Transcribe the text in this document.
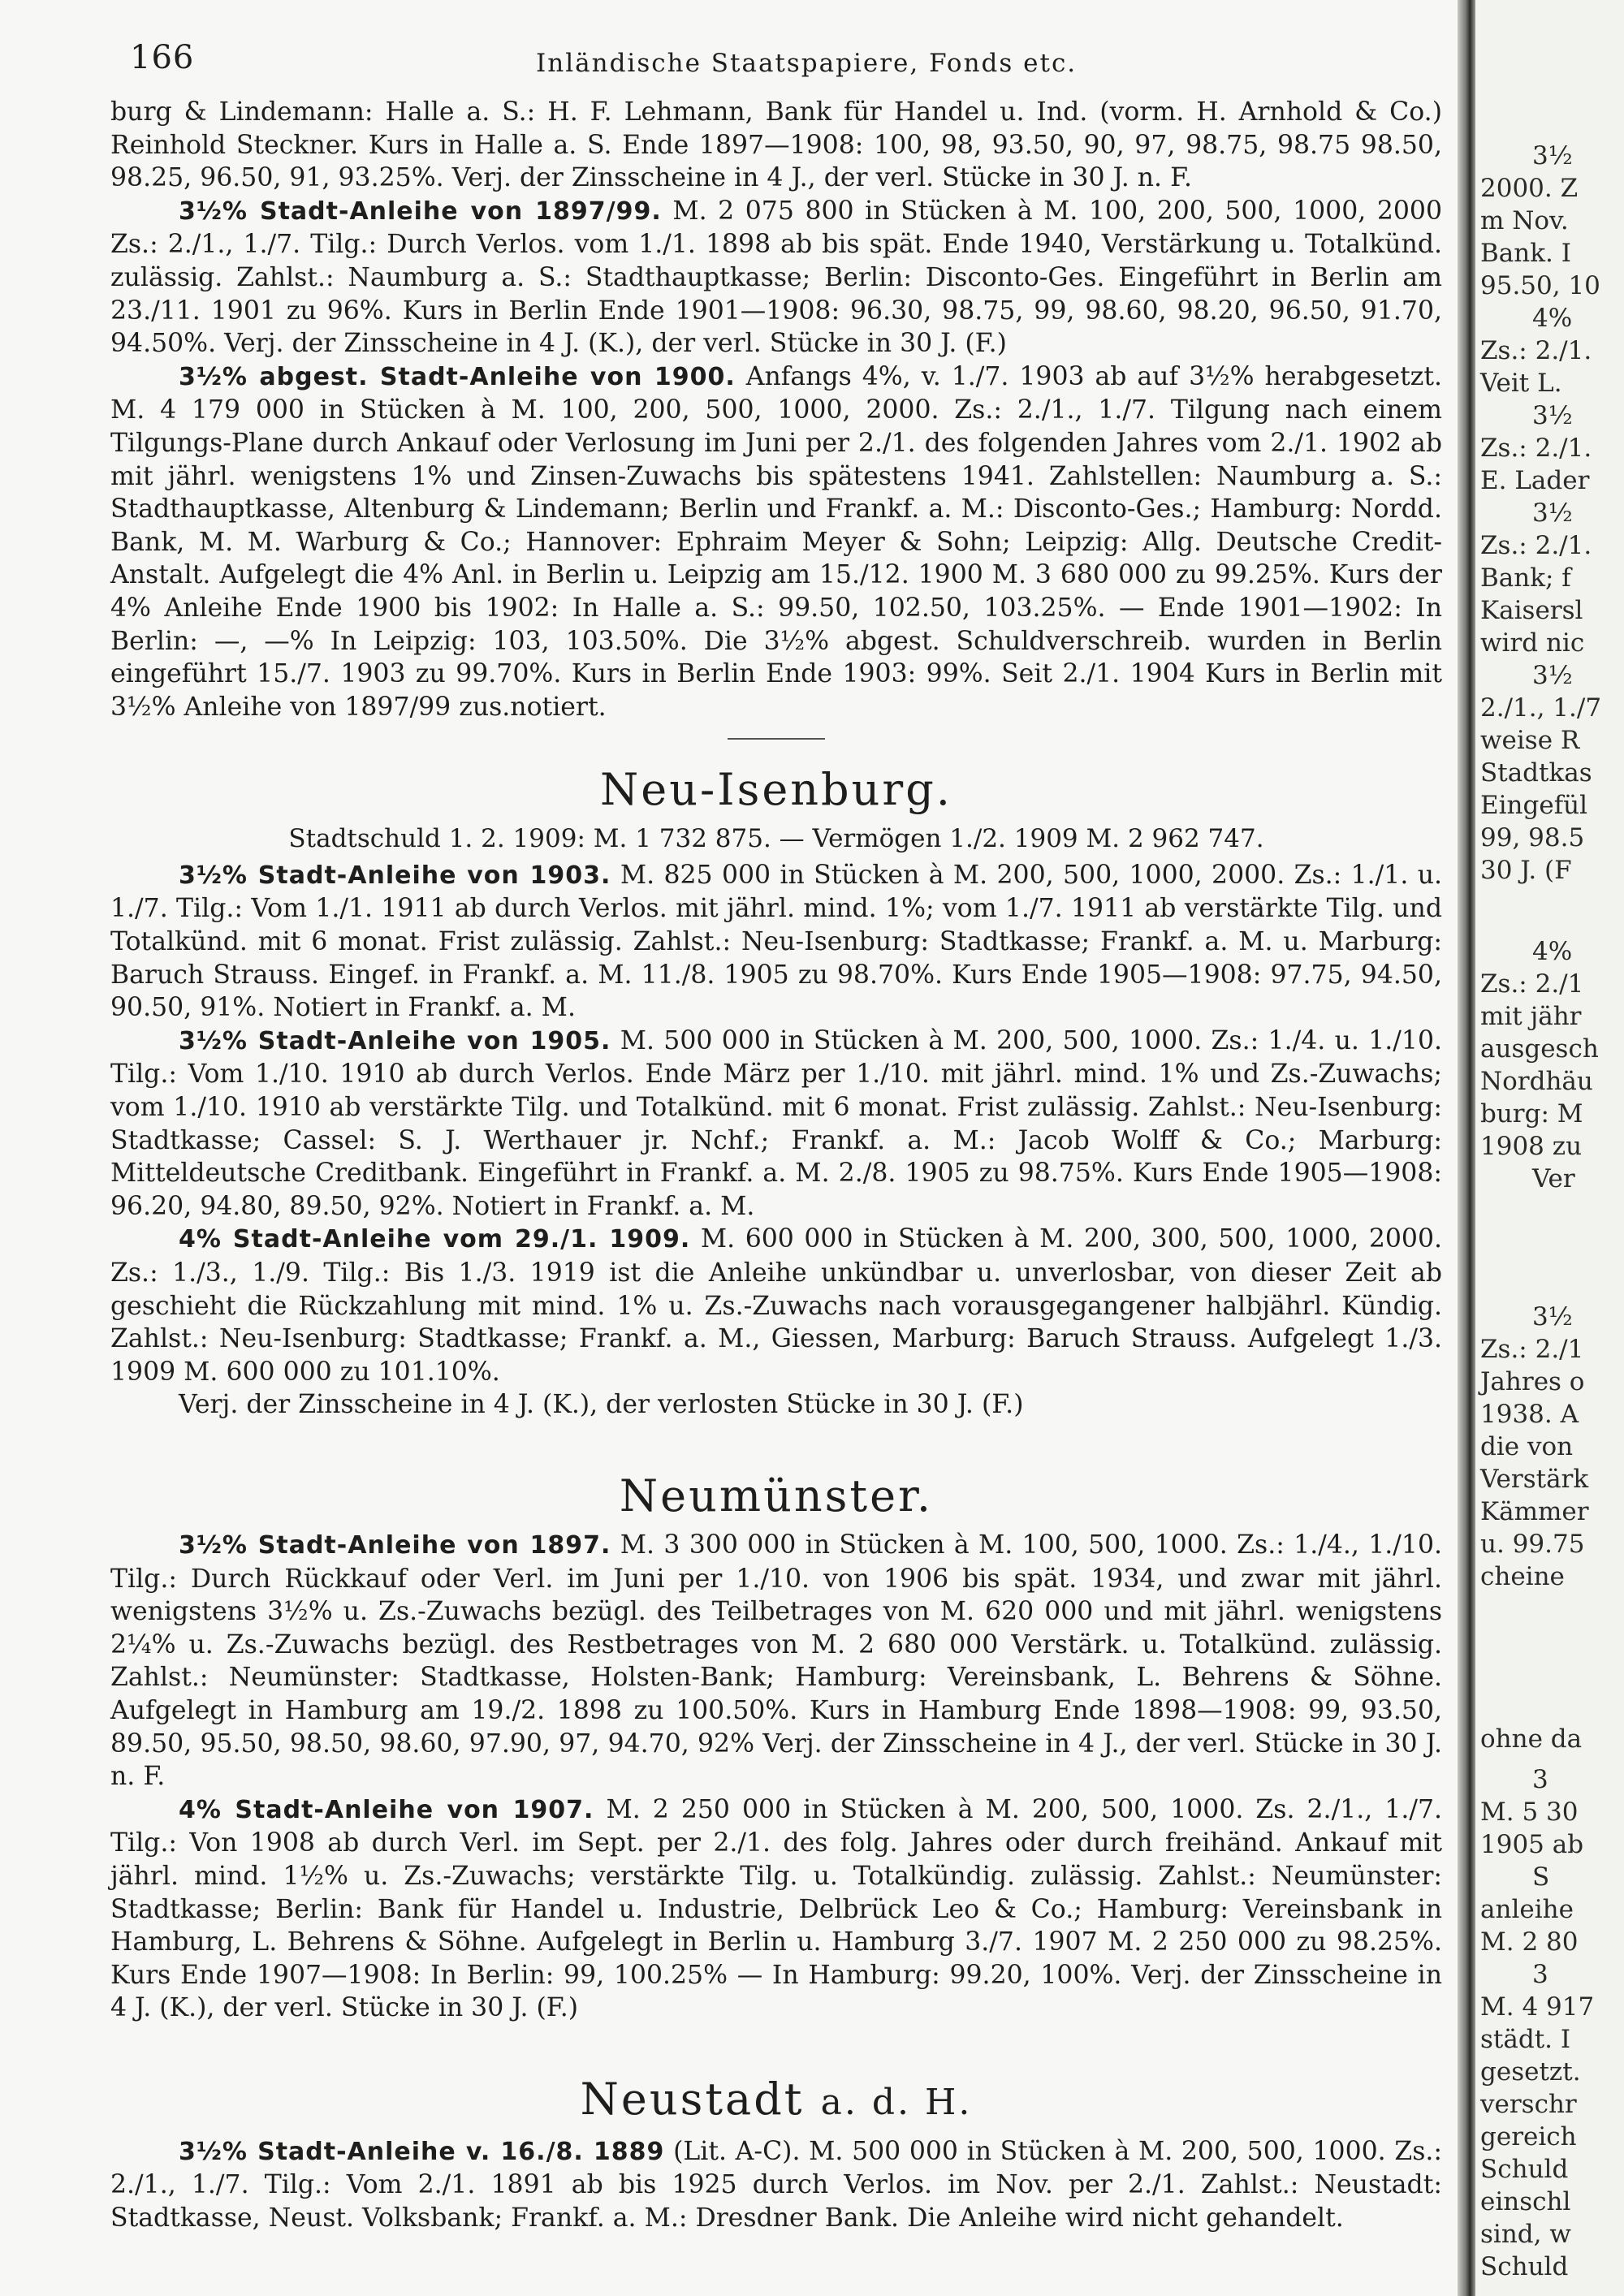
166	Inländische Staatspapiere, Fonds etc.

burg & Lindemann: Halle a. S.: H. F. Lehmann, Bank für Handel u. Ind. (vorm. H. Arnhold & Co.) Reinhold Steckner. Kurs in Halle a. S. Ende 1897—1908: 100, 98, 93.50, 90, 97, 98.75, 98.75 98.50, 98.25, 96.50, 91, 93.25%. Verj. der Zinsscheine in 4 J., der verl. Stücke in 30 J. n. F.

3½% Stadt-Anleihe von 1897/99. M. 2 075 800 in Stücken à M. 100, 200, 500, 1000, 2000 Zs.: 2./1., 1./7. Tilg.: Durch Verlos. vom 1./1. 1898 ab bis spät. Ende 1940, Verstärkung u. Totalkünd. zulässig. Zahlst.: Naumburg a. S.: Stadthauptkasse; Berlin: Disconto-Ges. Eingeführt in Berlin am 23./11. 1901 zu 96%. Kurs in Berlin Ende 1901—1908: 96.30, 98.75, 99, 98.60, 98.20, 96.50, 91.70, 94.50%. Verj. der Zinsscheine in 4 J. (K.), der verl. Stücke in 30 J. (F.)

3½% abgest. Stadt-Anleihe von 1900. Anfangs 4%, v. 1./7. 1903 ab auf 3½% herabgesetzt. M. 4 179 000 in Stücken à M. 100, 200, 500, 1000, 2000. Zs.: 2./1., 1./7. Tilgung nach einem Tilgungs-Plane durch Ankauf oder Verlosung im Juni per 2./1. des folgenden Jahres vom 2./1. 1902 ab mit jährl. wenigstens 1% und Zinsen-Zuwachs bis spätestens 1941. Zahlstellen: Naumburg a. S.: Stadthauptkasse, Altenburg & Lindemann; Berlin und Frankf. a. M.: Disconto-Ges.; Hamburg: Nordd. Bank, M. M. Warburg & Co.; Hannover: Ephraim Meyer & Sohn; Leipzig: Allg. Deutsche Credit-Anstalt. Aufgelegt die 4% Anl. in Berlin u. Leipzig am 15./12. 1900 M. 3 680 000 zu 99.25%. Kurs der 4% Anleihe Ende 1900 bis 1902: In Halle a. S.: 99.50, 102.50, 103.25%. — Ende 1901—1902: In Berlin: —, —% In Leipzig: 103, 103.50%. Die 3½% abgest. Schuldverschreib. wurden in Berlin eingeführt 15./7. 1903 zu 99.70%. Kurs in Berlin Ende 1903: 99%. Seit 2./1. 1904 Kurs in Berlin mit 3½% Anleihe von 1897/99 zus.notiert.

Neu-Isenburg.
Stadtschuld 1. 2. 1909: M. 1 732 875. — Vermögen 1./2. 1909 M. 2 962 747.

3½% Stadt-Anleihe von 1903. M. 825 000 in Stücken à M. 200, 500, 1000, 2000. Zs.: 1./1. u. 1./7. Tilg.: Vom 1./1. 1911 ab durch Verlos. mit jährl. mind. 1%; vom 1./7. 1911 ab verstärkte Tilg. und Totalkünd. mit 6 monat. Frist zulässig. Zahlst.: Neu-Isenburg: Stadtkasse; Frankf. a. M. u. Marburg: Baruch Strauss. Eingef. in Frankf. a. M. 11./8. 1905 zu 98.70%. Kurs Ende 1905—1908: 97.75, 94.50, 90.50, 91%. Notiert in Frankf. a. M.

3½% Stadt-Anleihe von 1905. M. 500 000 in Stücken à M. 200, 500, 1000. Zs.: 1./4. u. 1./10. Tilg.: Vom 1./10. 1910 ab durch Verlos. Ende März per 1./10. mit jährl. mind. 1% und Zs.-Zuwachs; vom 1./10. 1910 ab verstärkte Tilg. und Totalkünd. mit 6 monat. Frist zulässig. Zahlst.: Neu-Isenburg: Stadtkasse; Cassel: S. J. Werthauer jr. Nchf.; Frankf. a. M.: Jacob Wolff & Co.; Marburg: Mitteldeutsche Creditbank. Eingeführt in Frankf. a. M. 2./8. 1905 zu 98.75%. Kurs Ende 1905—1908: 96.20, 94.80, 89.50, 92%. Notiert in Frankf. a. M.

4% Stadt-Anleihe vom 29./1. 1909. M. 600 000 in Stücken à M. 200, 300, 500, 1000, 2000. Zs.: 1./3., 1./9. Tilg.: Bis 1./3. 1919 ist die Anleihe unkündbar u. unverlosbar, von dieser Zeit ab geschieht die Rückzahlung mit mind. 1% u. Zs.-Zuwachs nach vorausgegangener halbjährl. Kündig. Zahlst.: Neu-Isenburg: Stadtkasse; Frankf. a. M., Giessen, Marburg: Baruch Strauss. Aufgelegt 1./3. 1909 M. 600 000 zu 101.10%.

Verj. der Zinsscheine in 4 J. (K.), der verlosten Stücke in 30 J. (F.)

Neumünster.

3½% Stadt-Anleihe von 1897. M. 3 300 000 in Stücken à M. 100, 500, 1000. Zs.: 1./4., 1./10. Tilg.: Durch Rückkauf oder Verl. im Juni per 1./10. von 1906 bis spät. 1934, und zwar mit jährl. wenigstens 3½% u. Zs.-Zuwachs bezügl. des Teilbetrages von M. 620 000 und mit jährl. wenigstens 2¼% u. Zs.-Zuwachs bezügl. des Restbetrages von M. 2 680 000 Verstärk. u. Totalkünd. zulässig. Zahlst.: Neumünster: Stadtkasse, Holsten-Bank; Hamburg: Vereinsbank, L. Behrens & Söhne. Aufgelegt in Hamburg am 19./2. 1898 zu 100.50%. Kurs in Hamburg Ende 1898—1908: 99, 93.50, 89.50, 95.50, 98.50, 98.60, 97.90, 97, 94.70, 92% Verj. der Zinsscheine in 4 J., der verl. Stücke in 30 J. n. F.

4% Stadt-Anleihe von 1907. M. 2 250 000 in Stücken à M. 200, 500, 1000. Zs. 2./1., 1./7. Tilg.: Von 1908 ab durch Verl. im Sept. per 2./1. des folg. Jahres oder durch freihänd. Ankauf mit jährl. mind. 1½% u. Zs.-Zuwachs; verstärkte Tilg. u. Totalkündig. zulässig. Zahlst.: Neumünster: Stadtkasse; Berlin: Bank für Handel u. Industrie, Delbrück Leo & Co.; Hamburg: Vereinsbank in Hamburg, L. Behrens & Söhne. Aufgelegt in Berlin u. Hamburg 3./7. 1907 M. 2 250 000 zu 98.25%. Kurs Ende 1907—1908: In Berlin: 99, 100.25% — In Hamburg: 99.20, 100%. Verj. der Zinsscheine in 4 J. (K.), der verl. Stücke in 30 J. (F.)

Neustadt a. d. H.

3½% Stadt-Anleihe v. 16./8. 1889 (Lit. A-C). M. 500 000 in Stücken à M. 200, 500, 1000. Zs.: 2./1., 1./7. Tilg.: Vom 2./1. 1891 ab bis 1925 durch Verlos. im Nov. per 2./1. Zahlst.: Neustadt: Stadtkasse, Neust. Volksbank; Frankf. a. M.: Dresdner Bank. Die Anleihe wird nicht gehandelt.

3½
2000. Z
m Nov.
Bank. I
95.50, 10
4%
Zs.: 2./1.
Veit L.
3½
Zs.: 2./1.
E. Lader
3½
Zs.: 2./1.
Bank; f
Kaisersl
wird nic
3½
2./1., 1./7
weise R
Stadtkas
Eingefül
99, 98.5
30 J. (F
4%
Zs.: 2./1
mit jähr
ausgesch
Nordhäu
burg: M
1908 zu
Ver
3½
Zs.: 2./1
Jahres o
1938. A
die von
Verstärk
Kämmer
u. 99.75
cheine
ohne da
3
M. 5 30
1905 ab
S
anleihe
M. 2 80
3
M. 4 917
städt. I
gesetzt.
verschr
gereich
Schuld
einschl
sind, w
Schuld
